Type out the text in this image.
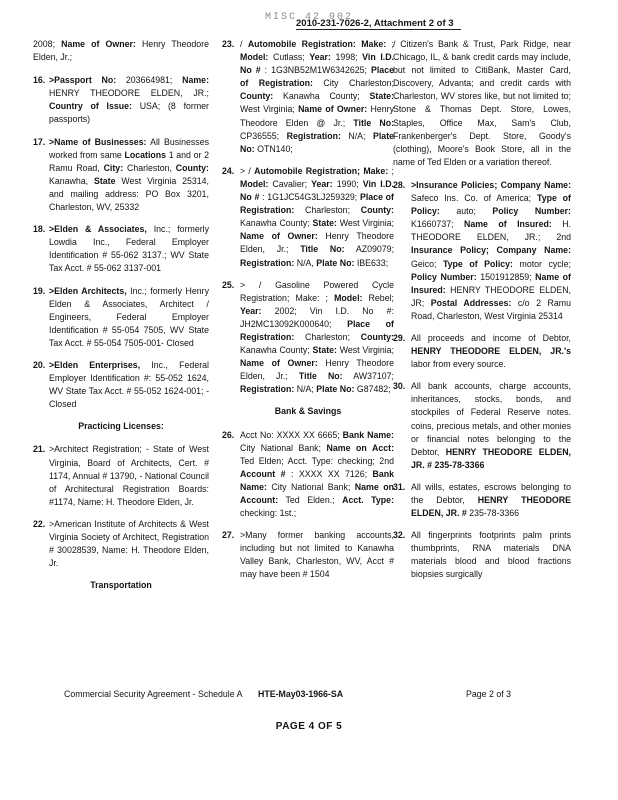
MISC 42 902
2010-231-7026-2, Attachment 2 of 3
2008; Name of Owner: Henry Theodore Elden, Jr.;
16. >Passport No: 203664981; Name: HENRY THEODORE ELDEN, JR.; Country of Issue: USA; (8 former passports)
17. >Name of Businesses: All Businesses worked from same Locations 1 and or 2 Ramu Road, City: Charleston, County: Kanawha, State West Virginia 25314, and mailing address: PO Box 3201, Charleston, WV, 25332
18. >Elden & Associates, Inc.; formerly Lowdia Inc., Federal Employer Identification # 55-062 3137.; WV State Tax Acct. # 55-062 3137-001
19. >Elden Architects, Inc.; formerly Henry Elden & Associates, Architect / Engineers, Federal Employer Identification # 55-054 7505, WV State Tax Acct. # 55-054 7505-001- Closed
20. >Elden Enterprises, Inc., Federal Employer Identification #: 55-052 1624, WV State Tax Acct. # 55-052 1624-001; - Closed
Practicing Licenses:
21. >Architect Registration; - State of West Virginia, Board of Architects, Cert. # 1174, Annual # 13790, - National Council of Architectural Registration Boards: #1174, Name: H. Theodore Elden, Jr.
22. >American Institute of Architects & West Virginia Society of Architect, Registration # 30028539, Name: H. Theodore Elden, Jr.
Transportation
23. / Automobile Registration: Make: ; Model: Cutlass; Year: 1998; Vin I.D. No # : 1G3NB52M1W6342625; Place of Registration: City Charleston; County: Kanawha County; State: West Virginia; Name of Owner: Henry Theodore Elden @ Jr.; Title No: CP36555; Registration: N/A; Plate No: OTN140;
24. > / Automobile Registration; Make: ; Model: Cavalier; Year: 1990; Vin I.D. No # : 1G1JC54G3LJ259329; Place of Registration: Charleston; County: Kanawha County; State: West Virginia; Name of Owner: Henry Theodore Elden, Jr.; Title No: AZ09079; Registration: N/A, Plate No: IBE633;
25. > / Gasoline Powered Cycle Registration; Make: ; Model: Rebel; Year: 2002; Vin I.D. No #: JH2MC13092K000640; Place of Registration: Charleston; County: Kanawha County; State: West Virginia; Name of Owner: Henry Theodore Elden, Jr.; Title No: AW37107; Registration: N/A; Plate No: G87482;
Bank & Savings
26. Acct No: XXXX XX 6665; Bank Name: City National Bank; Name on Acct: Ted Elden; Acct. Type: checking; 2nd Account # : XXXX XX 7126; Bank Name: City National Bank; Name on Account: Ted Elden.; Acct. Type: checking: 1st.;
27. >Many former banking accounts, including but not limited to Kanawha Valley Bank, Charleston, WV, Acct # may have been # 1504
/ Citizen's Bank & Trust, Park Ridge, near Chicago, IL, & bank credit cards may include, but not limited to CitiBank, Master Card, Discovery, Advanta; and credit cards with Charleston, WV stores like, but not limited to; Stone & Thomas Dept. Store, Lowes, Staples, Office Max, Sam's Club, Frankenberger's Dept. Store, Goody's (clothing), Moore's Book Store, all in the name of Ted Elden or a variation thereof.
28. >Insurance Policies; Company Name: Safeco Ins. Co. of America; Type of Policy: auto; Policy Number: K1660737; Name of Insured: H. THEODORE ELDEN, JR.; 2nd Insurance Policy; Company Name: Geico; Type of Policy: motor cycle; Policy Number: 1501912859; Name of Insured: HENRY THEODORE ELDEN, JR; Postal Addresses: c/o 2 Ramu Road, Charleston, West Virginia 25314
29. All proceeds and income of Debtor, HENRY THEODORE ELDEN, JR.'s labor from every source.
30. All bank accounts, charge accounts, inheritances, stocks, bonds, and stockpiles of Federal Reserve notes. coins, precious metals, and other monies or financial notes belonging to the Debtor, HENRY THEODORE ELDEN, JR. # 235-78-3366
31. All wills, estates, escrows belonging to the Debtor, HENRY THEODORE ELDEN, JR. # 235-78-3366
32. All fingerprints footprints palm prints thumbprints, RNA materials DNA materials blood and blood fractions biopsies surgically
Commercial Security Agreement - Schedule A HTE-May03-1966-SA	Page 2 of 3
PAGE 4 OF 5
